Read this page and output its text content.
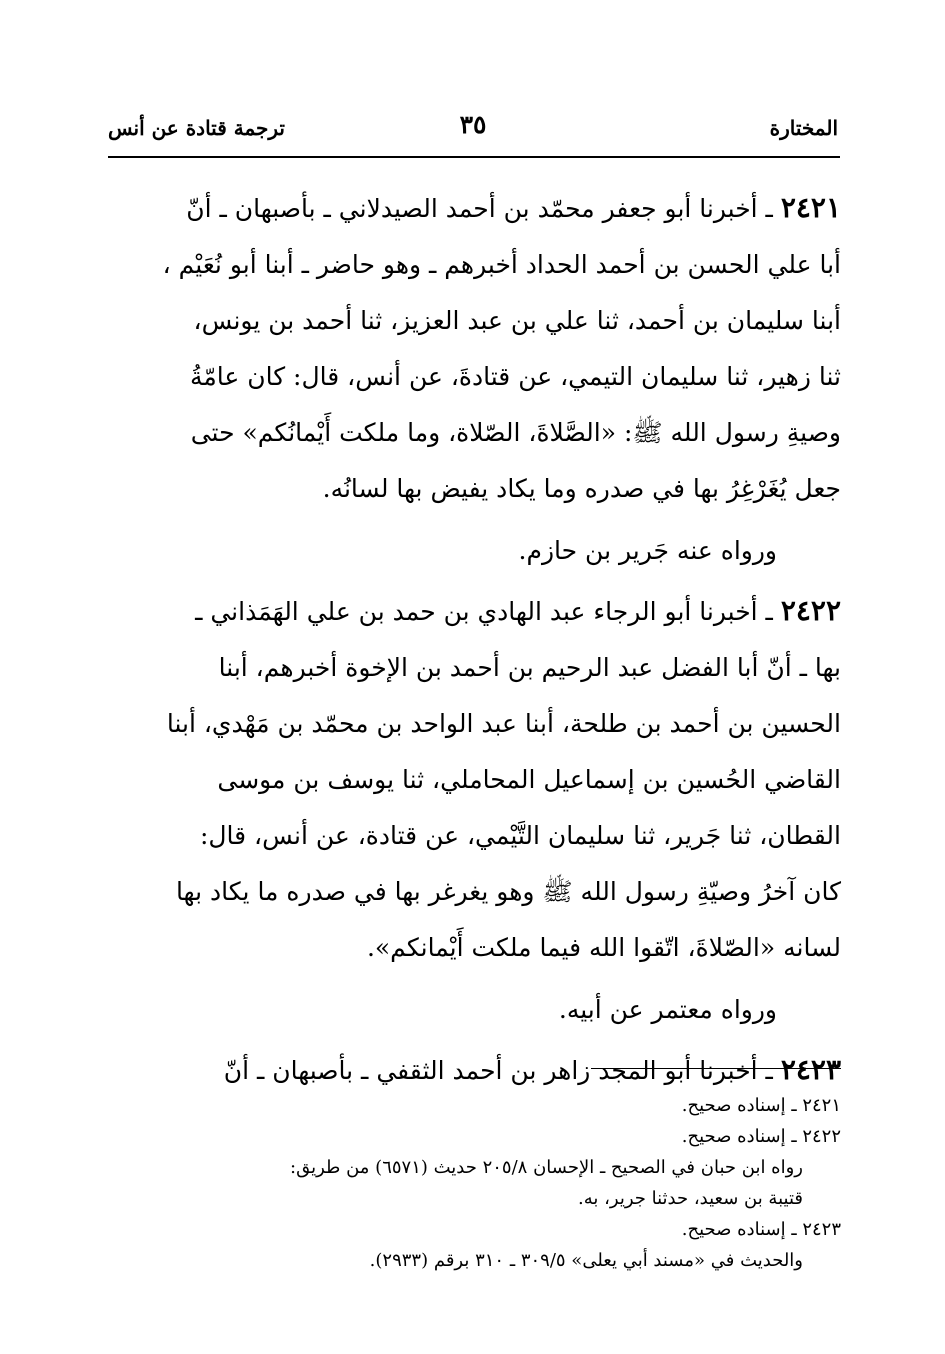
المختارة
٣٥
ترجمة قتادة عن أنس

٢٤٢١ ـ أخبرنا أبو جعفر محمّد بن أحمد الصيدلاني ـ بأصبهان ـ أنّ

أبا علي الحسن بن أحمد الحداد أخبرهم ـ وهو حاضر ـ أبنا أبو نُعَيْم ،

أبنا سليمان بن أحمد، ثنا علي بن عبد العزيز، ثنا أحمد بن يونس،

ثنا زهير، ثنا سليمان التيمي، عن قتادةَ، عن أنس، قال: كان عامّةُ

وصيةِ رسول الله ﷺ: «الصَّلاةَ، الصّلاة، وما ملكت أَيْمانُكم» حتى

جعل يُغَرْغِرُ بها في صدره وما يكاد يفيض بها لسانُه.

ورواه عنه جَرير بن حازم.

٢٤٢٢ ـ أخبرنا أبو الرجاء عبد الهادي بن حمد بن علي الهَمَذاني ـ

بها ـ أنّ أبا الفضل عبد الرحيم بن أحمد بن الإخوة أخبرهم، أبنا

الحسين بن أحمد بن طلحة، أبنا عبد الواحد بن محمّد بن مَهْدي، أبنا

القاضي الحُسين بن إسماعيل المحاملي، ثنا يوسف بن موسى

القطان، ثنا جَرير، ثنا سليمان التَّيْمي، عن قتادة، عن أنس، قال:

كان آخرُ وصيّةِ رسول الله ﷺ وهو يغرغر بها في صدره ما يكاد بها

لسانه «الصّلاةَ، اتّقوا الله فيما ملكت أَيْمانكم».

ورواه معتمر عن أبيه.

٢٤٢٣ ـ أخبرنا أبو المجد زاهر بن أحمد الثقفي ـ بأصبهان ـ أنّ

٢٤٢١ ـ إسناده صحيح.

٢٤٢٢ ـ إسناده صحيح.

رواه ابن حبان في الصحيح ـ الإحسان ٢٠٥/٨ حديث (٦٥٧١) من طريق:

قتيبة بن سعيد، حدثنا جرير، به.

٢٤٢٣ ـ إسناده صحيح.

والحديث في «مسند أبي يعلى» ٣٠٩/٥ ـ ٣١٠ برقم (٢٩٣٣).
